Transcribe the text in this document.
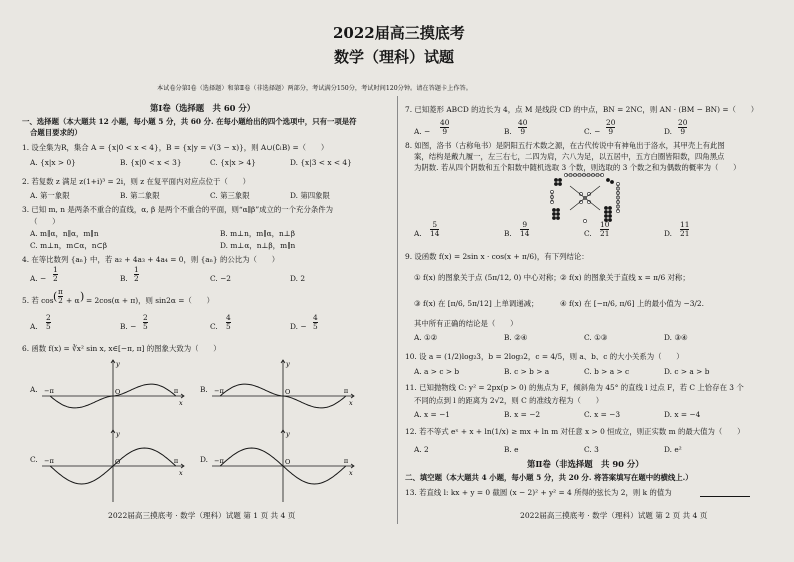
2022届高三摸底考
数学（理科）试题
本试卷分第Ⅰ卷（选择题）和第Ⅱ卷（非选择题）两部分，考试满分150分，考试时间120分钟。请在答题卡上作答。
第Ⅰ卷（选择题　共 60 分）
一、选择题（本大题共 12 小题，每小题 5 分，共 60 分. 在每小题给出的四个选项中，只有一项是符
合题目要求的）
1. 设全集为R，集合 A = {x|0 < x < 4}，B = {x|y = √(3 − x)}，则 A∪(∁ₗB) =（　　）
A. {x|x > 0}	B. {x|0 < x < 3}	C. {x|x > 4}	D. {x|3 < x < 4}
2. 若复数 z 满足 z(1+i)³ = 2i，则 z 在复平面内对应点位于（　　）
A. 第一象限	B. 第二象限	C. 第三象限	D. 第四象限
3. 已知 m, n 是两条不重合的直线，α, β 是两个不重合的平面，则“α∥β”成立的一个充分条件为
（　　）
A. m∥α，n∥α，m∥n	B. m⊥n，m∥α，n⊥β
C. m⊥n，m⊂α，n⊂β	D. m⊥α，n⊥β，m∥n
4. 在等比数列 {aₙ} 中，若 a₂ + 4a₃ + 4a₄ = 0，则 {aₙ} 的公比为（　　）
A. −
1
2	B.
1
2	C. −2	D. 2
5. 若 cos ( π
2 + α ) = 2cos(α + π)，则 sin2α =（　　）
A.
2
5	B. −
2
5	C.
4
5	D. −
4
5
6. 函数 f(x) = ∛x² sin x, x∈[−π, π] 的图象大致为（　　）
A. −π	O	π
x
y
B. −π	O	π
x
y
C. −π	O	π
x
y
D. −π	O	π
x
y
2022届高三摸底考 · 数学（理科）试题 第 1 页 共 4 页
7. 已知菱形 ABCD 的边长为 4，点 M 是线段 CD 的中点，BN = 2NC，则 AN · (BM − BN) =（　　）
A. −
40
9	B.
40
9	C. −
20
9	D.
20
9
8. 如图，洛书（古称龟书）是阴阳五行术数之源，在古代传说中有神龟出于洛水，其甲壳上有此图
案，结构是戴九履一，左三右七，二四为肩，六八为足，以五居中，五方白圈皆阳数，四角黑点
为阴数. 若从四个阴数和五个阳数中随机选取 3 个数，则选取的 3 个数之和为偶数的概率为（　　）
A.
5
14	B.
9
14	C.
10
21	D.
11
21
9. 设函数 f(x) = 2sin x · cos(x + π/6)，有下列结论：
① f(x) 的图象关于点 (5π/12, 0) 中心对称； ② f(x) 的图象关于直线 x = π/6 对称；
③ f(x) 在 [π/6, 5π/12] 上单调递减；	④ f(x) 在 [−π/6, π/6] 上的最小值为 −3/2.
其中所有正确的结论是（　　）
A. ①②	B. ②④	C. ①③	D. ③④
10. 设 a = (1/2)log₂3，b = 2log₃2，c = 4/5，则 a、b、c 的大小关系为（　　）
A. a > c > b	B. c > b > a	C. b > a > c	D. c > a > b
11. 已知抛物线 C: y² = 2px(p > 0) 的焦点为 F，倾斜角为 45° 的直线 l 过点 F，若 C 上恰存在 3 个
不同的点到 l 的距离为 2√2，则 C 的准线方程为（　　）
A. x = −1	B. x = −2	C. x = −3	D. x = −4
12. 若不等式 eˣ + x + ln(1/x) ≥ mx + ln m 对任意 x > 0 恒成立，则正实数 m 的最大值为（　　）
A. 2	B. e	C. 3	D. e²
第Ⅱ卷（非选择题　共 90 分）
二、填空题（本大题共 4 小题，每小题 5 分，共 20 分. 将答案填写在题中的横线上.）
13. 若直线 l: kx + y = 0 截圆 (x − 2)² + y² = 4 所得的弦长为 2，则 k 的值为
2022届高三摸底考 · 数学（理科）试题 第 2 页 共 4 页
